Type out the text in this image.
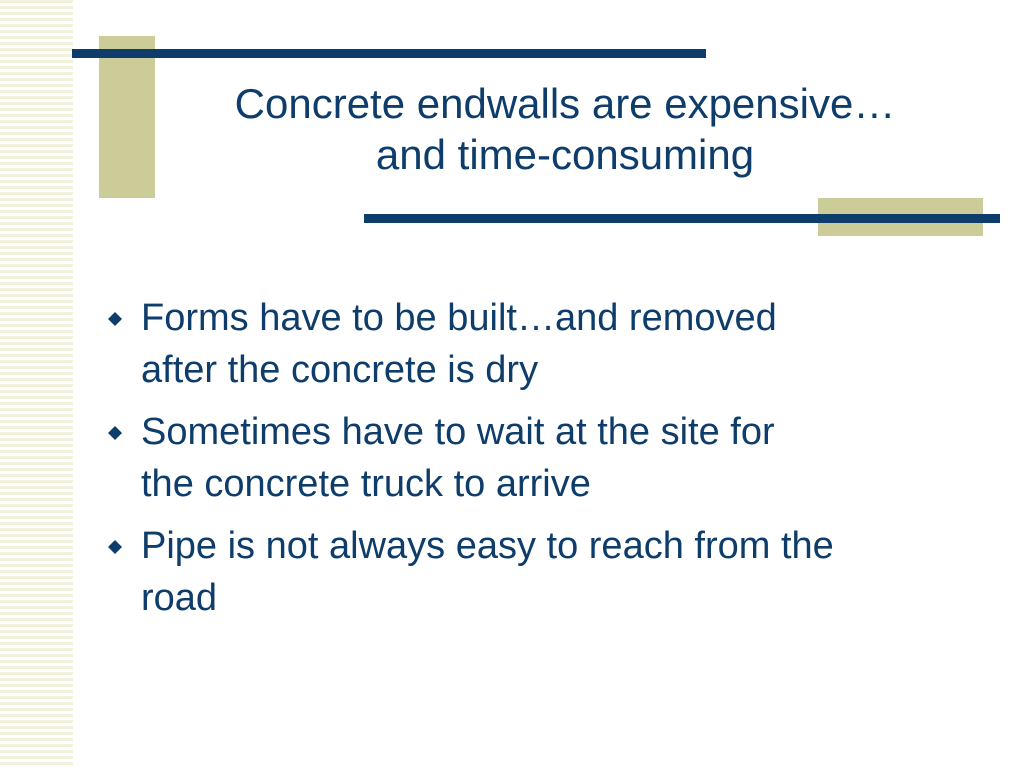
Concrete endwalls are expensive…
and time-consuming
Forms have to be built…and removed
after the concrete is dry
Sometimes have to wait at the site for
the concrete truck to arrive
Pipe is not always easy to reach from the
road
